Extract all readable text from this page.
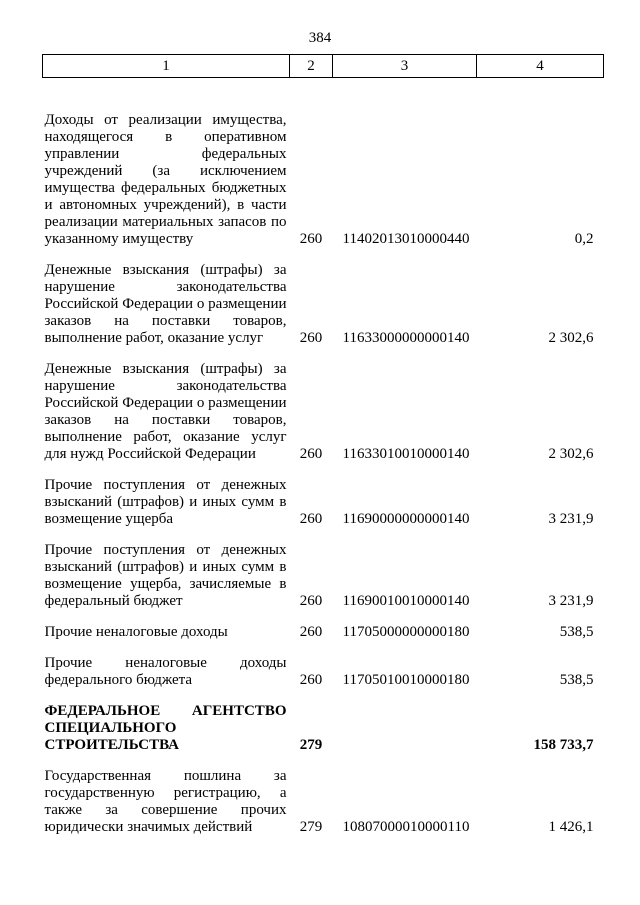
384
1	2	3	4
Доходы от реализации имущества, находящегося в оперативном управлении федеральных учреждений (за исключением имущества федеральных бюджетных и автономных учреждений), в части реализации материальных запасов по указанному имуществу	260	11402013010000440	0,2

Денежные взыскания (штрафы) за нарушение законодательства Российской Федерации о размещении заказов на поставки товаров, выполнение работ, оказание услуг	260	11633000000000140	2 302,6

Денежные взыскания (штрафы) за нарушение законодательства Российской Федерации о размещении заказов на поставки товаров, выполнение работ, оказание услуг для нужд Российской Федерации	260	11633010010000140	2 302,6

Прочие поступления от денежных взысканий (штрафов) и иных сумм в возмещение ущерба	260	11690000000000140	3 231,9

Прочие поступления от денежных взысканий (штрафов) и иных сумм в возмещение ущерба, зачисляемые в федеральный бюджет	260	11690010010000140	3 231,9

Прочие неналоговые доходы	260	11705000000000180	538,5

Прочие неналоговые доходы федерального бюджета	260	11705010010000180	538,5

ФЕДЕРАЛЬНОЕ АГЕНТСТВО СПЕЦИАЛЬНОГО СТРОИТЕЛЬСТВА	279		158 733,7

Государственная пошлина за государственную регистрацию, а также за совершение прочих юридически значимых действий	279	10807000010000110	1 426,1
